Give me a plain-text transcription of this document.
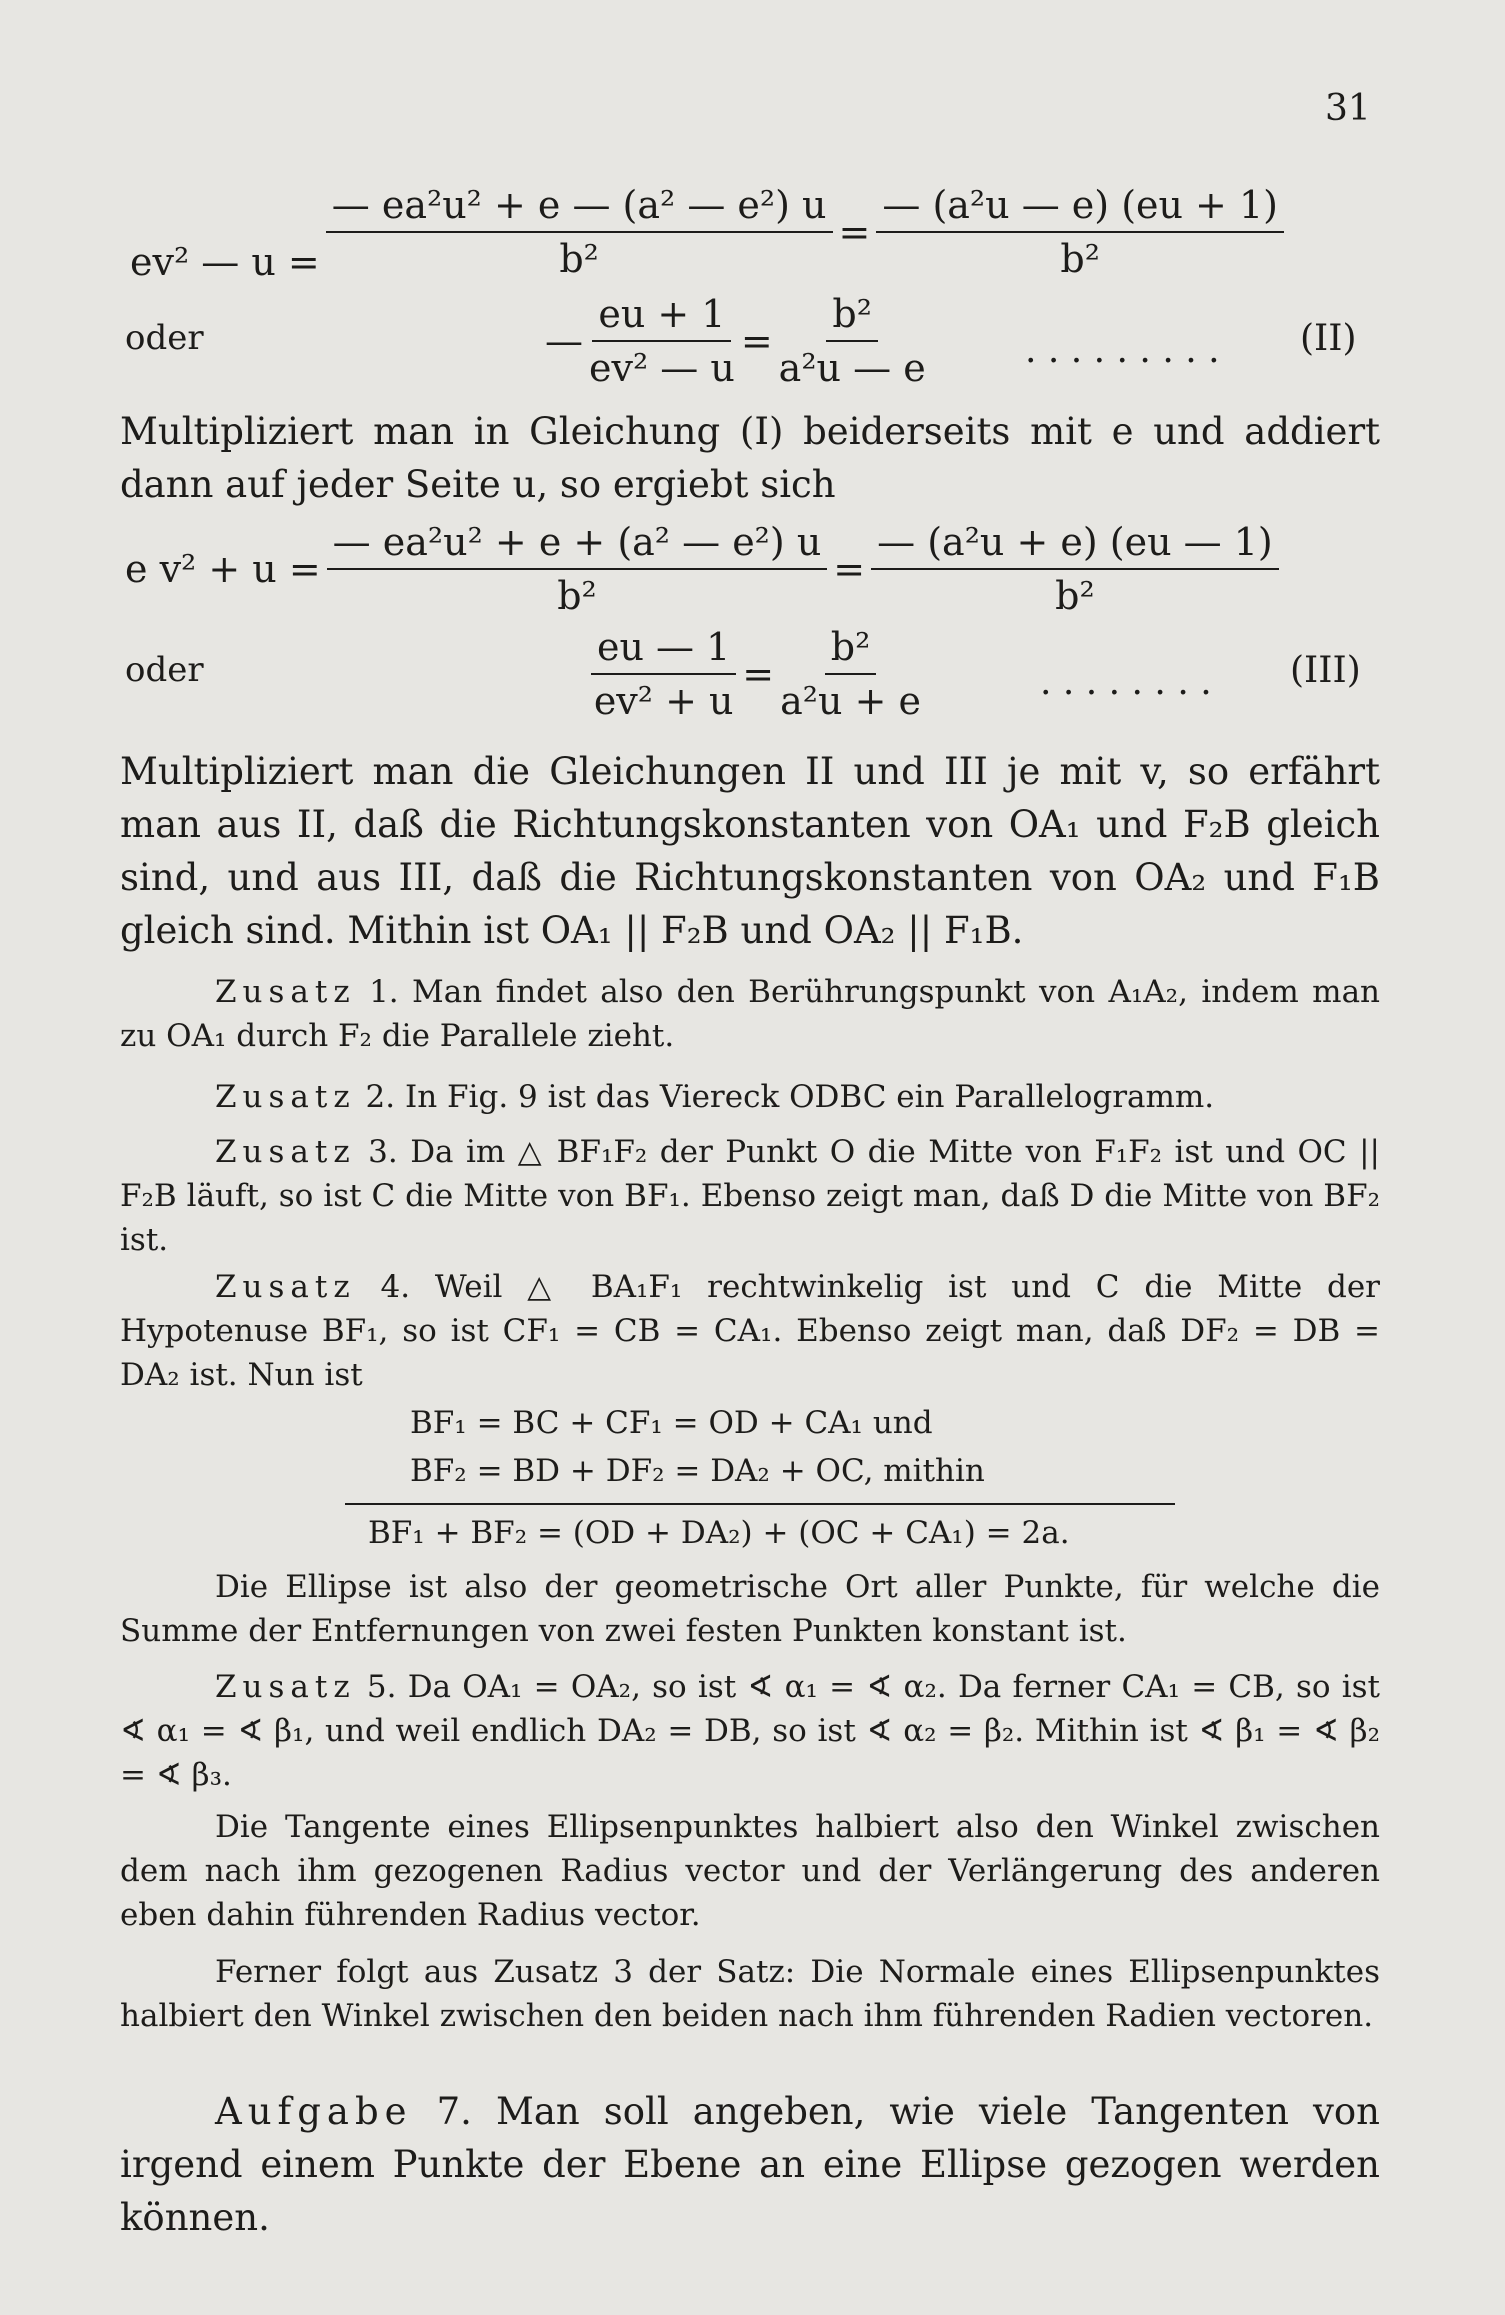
31
ev² — $u = \frac{\text{— ea²u² + e — (a² — e²) u}}{\text{b²}} = \frac{\text{— (a²u — e) (eu + 1)}}{\text{b²}}$
oder	— $\frac{eu + 1}{\text{ev² — u}} = \frac{\text{b²}}{\text{a²u — e}}$	. . . . . . . . . (II)
Multipliziert man in Gleichung (I) beiderseits mit e und addiert dann auf jeder Seite u, so ergiebt sich
e $v^2 + u = \frac{\text{— ea²u² + e + (a² — e²) u}}{\text{b²}} = \frac{\text{— (a²u + e) (eu — 1)}}{\text{b²}}$
oder	$\frac{eu — 1}{\text{ev² + u}} = \frac{\text{b²}}{\text{a²u + e}}$	. . . . . . . . (III)
Multipliziert man die Gleichungen II und III je mit v, so erfährt man aus II, daß die Richtungskonstanten von OA₁ und F₂B gleich sind, und aus III, daß die Richtungskonstanten von OA₂ und F₁B gleich sind. Mithin ist OA₁ || F₂B und OA₂ || F₁B.
Zusatz 1. Man findet also den Berührungspunkt von A₁A₂, indem man zu OA₁ durch F₂ die Parallele zieht.
Zusatz 2. In Fig. 9 ist das Viereck ODBC ein Parallelogramm.
Zusatz 3. Da im △ BF₁F₂ der Punkt O die Mitte von F₁F₂ ist und OC || F₂B läuft, so ist C die Mitte von BF₁. Ebenso zeigt man, daß D die Mitte von BF₂ ist.
Zusatz 4. Weil △ BA₁F₁ rechtwinkelig ist und C die Mitte der Hypotenuse BF₁, so ist CF₁ = CB = CA₁. Ebenso zeigt man, daß DF₂ = DB = DA₂ ist. Nun ist
BF₁ = BC + CF₁ = OD + CA₁ und
BF₂ = BD + DF₂ = DA₂ + OC, mithin
BF₁ + BF₂ = (OD + DA₂) + (OC + CA₁) = 2a.
Die Ellipse ist also der geometrische Ort aller Punkte, für welche die Summe der Entfernungen von zwei festen Punkten konstant ist.
Zusatz 5. Da OA₁ = OA₂, so ist ∢ α₁ = ∢ α₂. Da ferner CA₁ = CB, so ist ∢ α₁ = ∢ β₁, und weil endlich DA₂ = DB, so ist ∢ α₂ = β₂. Mithin ist ∢ β₁ = ∢ β₂ = ∢ β₃.
Die Tangente eines Ellipsenpunktes halbiert also den Winkel zwischen dem nach ihm gezogenen Radius vector und der Verlängerung des anderen eben dahin führenden Radius vector.
Ferner folgt aus Zusatz 3 der Satz: Die Normale eines Ellipsenpunktes halbiert den Winkel zwischen den beiden nach ihm führenden Radien vectoren.
Aufgabe 7. Man soll angeben, wie viele Tangenten von irgend einem Punkte der Ebene an eine Ellipse gezogen werden können.
